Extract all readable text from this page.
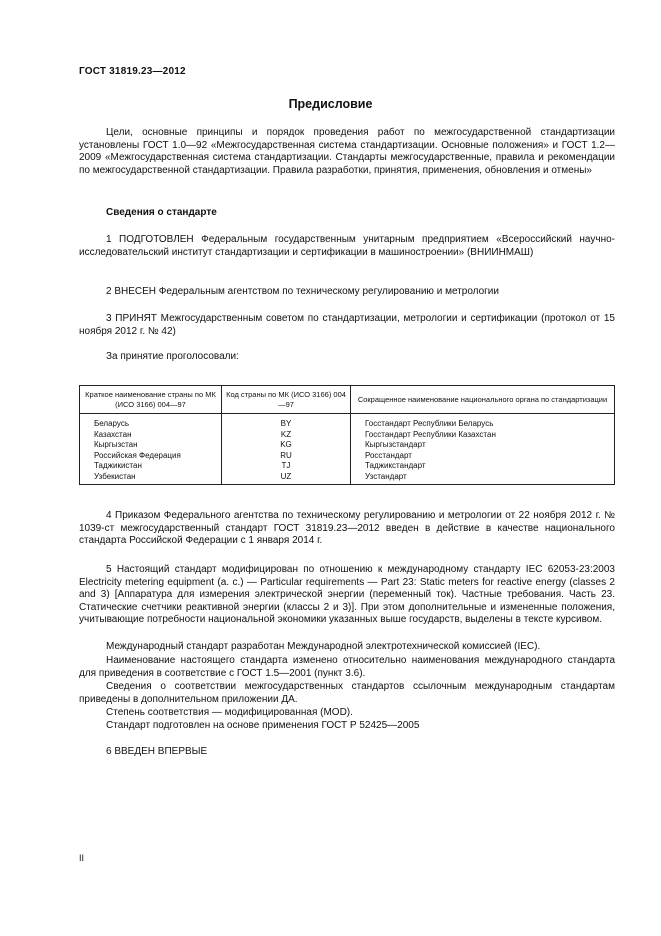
ГОСТ 31819.23—2012
Предисловие
Цели, основные принципы и порядок проведения работ по межгосударственной стандартизации установлены ГОСТ 1.0—92 «Межгосударственная система стандартизации. Основные положения» и ГОСТ 1.2—2009 «Межгосударственная система стандартизации. Стандарты межгосударственные, правила и рекомендации по межгосударственной стандартизации. Правила разработки, принятия, применения, обновления и отмены»
Сведения о стандарте
1 ПОДГОТОВЛЕН Федеральным государственным унитарным предприятием «Всероссийский научно-исследовательский институт стандартизации и сертификации в машиностроении» (ВНИИНМАШ)
2 ВНЕСЕН Федеральным агентством по техническому регулированию и метрологии
3 ПРИНЯТ Межгосударственным советом по стандартизации, метрологии и сертификации (протокол от 15 ноября 2012 г. № 42)
За принятие проголосовали:
Краткое наименование страны по МК (ИСО 3166) 004—97	Код страны по МК (ИСО 3166) 004—97	Сокращенное наименование национального органа по стандартизации
Беларусь	BY	Госстандарт Республики Беларусь
Казахстан	KZ	Госстандарт Республики Казахстан
Кыргызстан	KG	Кыргызстандарт
Российская Федерация	RU	Росстандарт
Таджикистан	TJ	Таджикстандарт
Узбекистан	UZ	Узстандарт
4 Приказом Федерального агентства по техническому регулированию и метрологии от 22 ноября 2012 г. № 1039-ст межгосударственный стандарт ГОСТ 31819.23—2012 введен в действие в качестве национального стандарта Российской Федерации с 1 января 2014 г.
5 Настоящий стандарт модифицирован по отношению к международному стандарту IEC 62053-23:2003 Electricity metering equipment (a. c.) — Particular requirements — Part 23: Static meters for reactive energy (classes 2 and 3) [Аппаратура для измерения электрической энергии (переменный ток). Частные требования. Часть 23. Статические счетчики реактивной энергии (классы 2 и 3)]. При этом дополнительные и измененные положения, учитывающие потребности национальной экономики указанных выше государств, выделены в тексте курсивом.
Международный стандарт разработан Международной электротехнической комиссией (IEC).
Наименование настоящего стандарта изменено относительно наименования международного стандарта для приведения в соответствие с ГОСТ 1.5—2001 (пункт 3.6).
Сведения о соответствии межгосударственных стандартов ссылочным международным стандартам приведены в дополнительном приложении ДА.
Степень соответствия — модифицированная (MOD).
Стандарт подготовлен на основе применения ГОСТ Р 52425—2005
6 ВВЕДЕН ВПЕРВЫЕ
II
